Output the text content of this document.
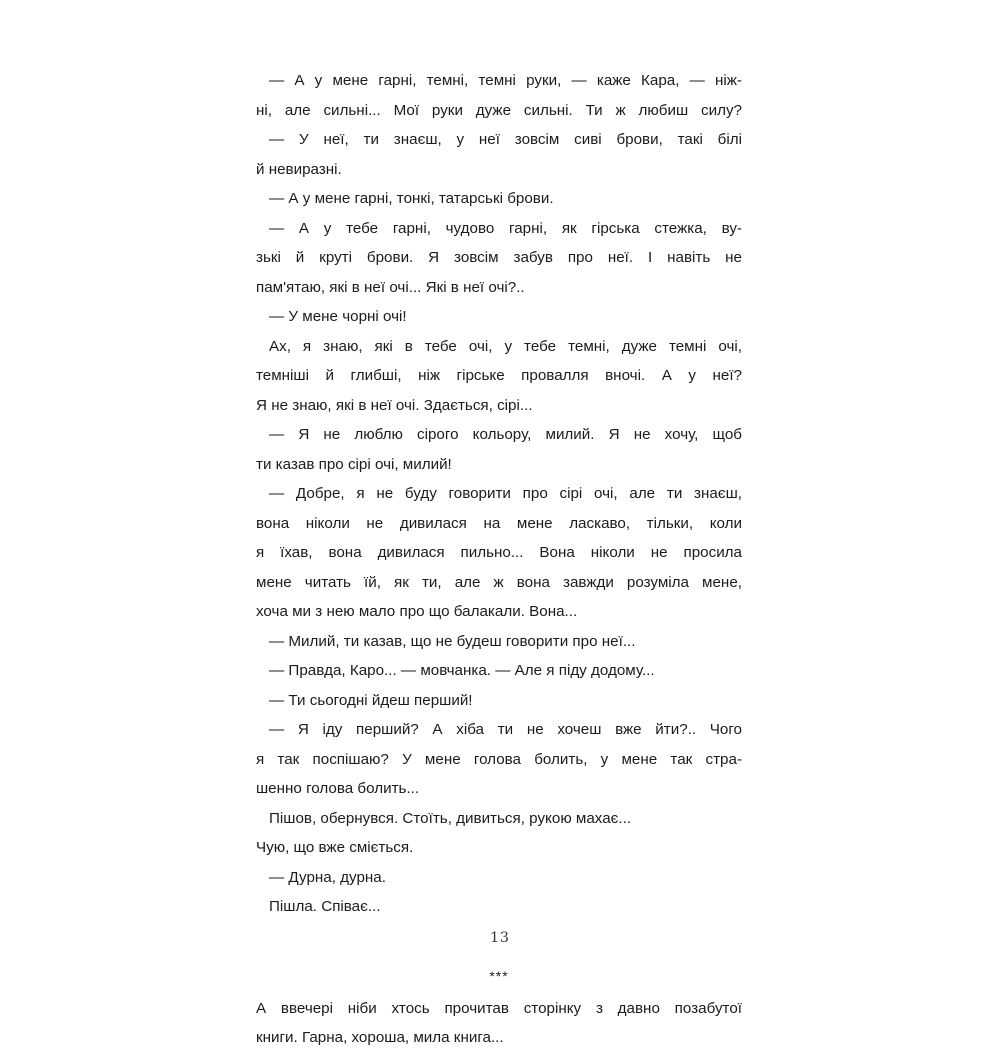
— А у мене гарні, темні, темні руки, — каже Кара, — ніж-
ні, але сильні... Мої руки дуже сильні. Ти ж любиш силу?
— У неї, ти знаєш, у неї зовсім сиві брови, такі білі
й невиразні.
— А у мене гарні, тонкі, татарські брови.
— А у тебе гарні, чудово гарні, як гірська стежка, ву-
зькі й круті брови. Я зовсім забув про неї. І навіть не
пам'ятаю, які в неї очі... Які в неї очі?..
— У мене чорні очі!
Ах, я знаю, які в тебе очі, у тебе темні, дуже темні очі,
темніші й глибші, ніж гірське провалля вночі. А у неї?
Я не знаю, які в неї очі. Здається, сірі...
— Я не люблю сірого кольору, милий. Я не хочу, щоб
ти казав про сірі очі, милий!
— Добре, я не буду говорити про сірі очі, але ти знаєш,
вона ніколи не дивилася на мене ласкаво, тільки, коли
я їхав, вона дивилася пильно... Вона ніколи не просила
мене читать їй, як ти, але ж вона завжди розуміла мене,
хоча ми з нею мало про що балакали. Вона...
— Милий, ти казав, що не будеш говорити про неї...
— Правда, Каро... — мовчанка. — Але я піду додому...
— Ти сьогодні йдеш перший!
— Я іду перший? А хіба ти не хочеш вже йти?.. Чого
я так поспішаю? У мене голова болить, у мене так стра-
шенно голова болить...
Пішов, обернувся. Стоїть, дивиться, рукою махає...
Чую, що вже сміється.
— Дурна, дурна.
Пішла. Співає...
***
А ввечері ніби хтось прочитав сторінку з давно позабутої
книги. Гарна, хороша, мила книга...
13
